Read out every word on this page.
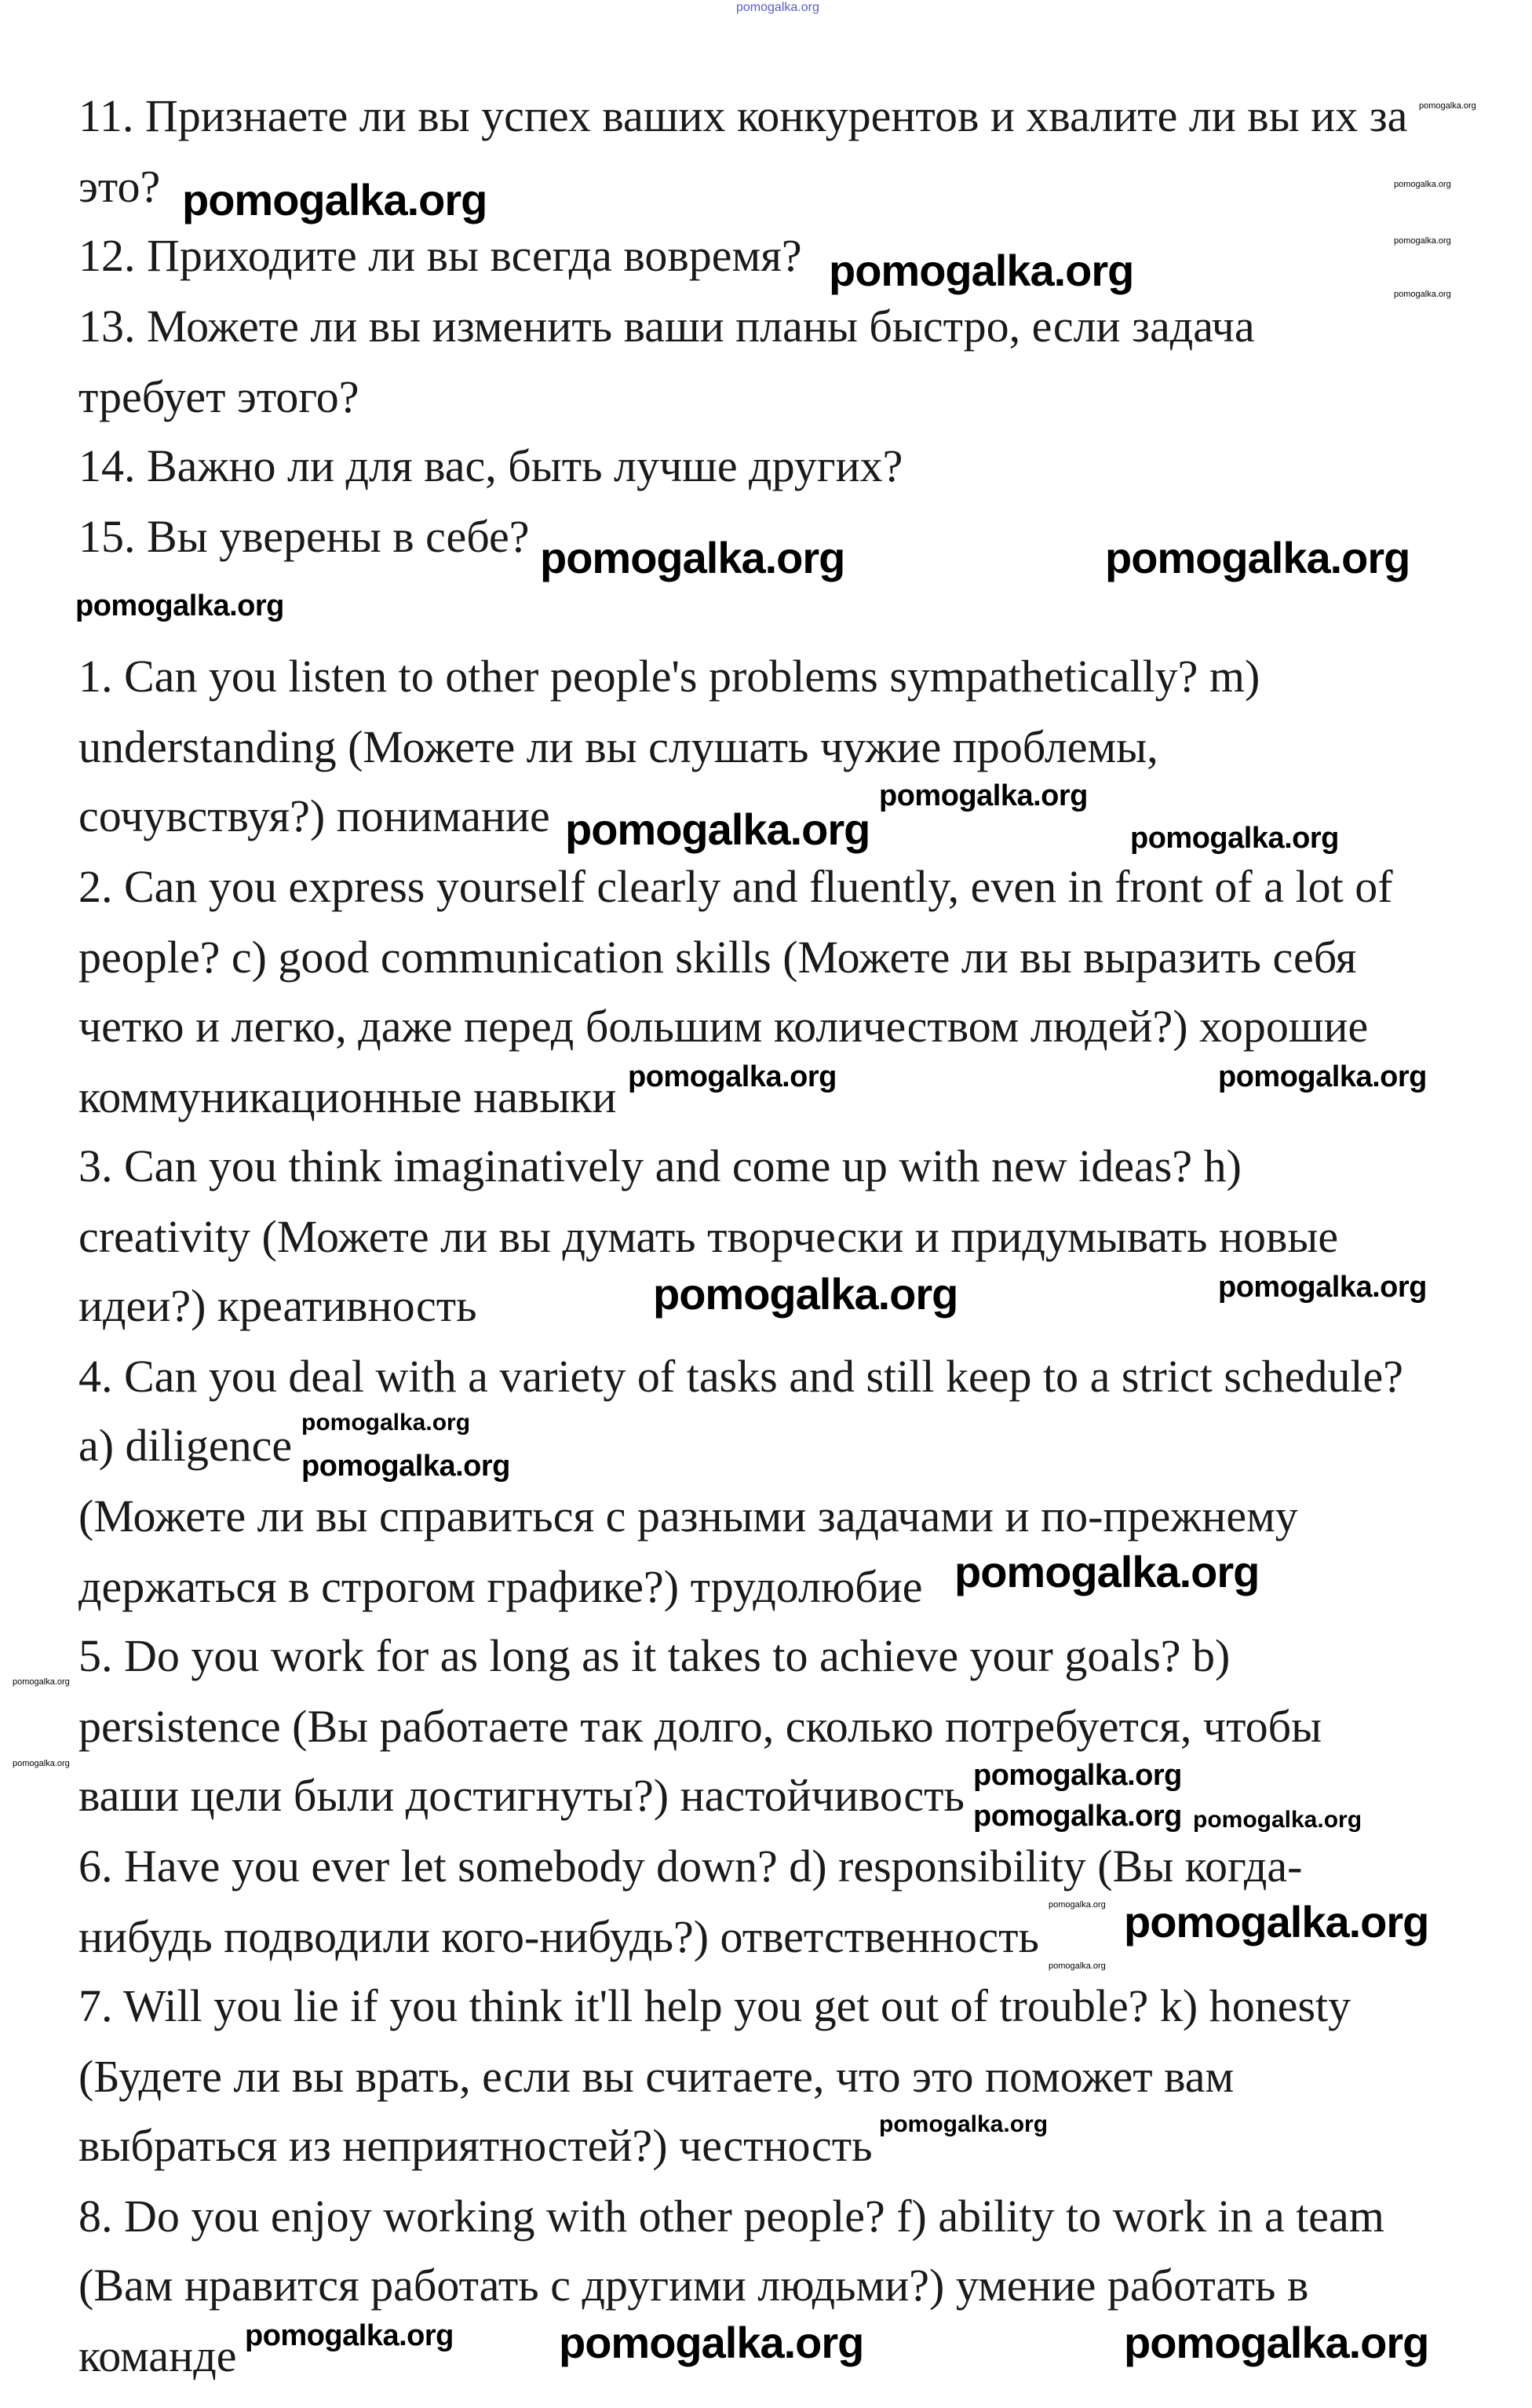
11. Признаете ли вы успех ваших конкурентов и хвалите ли вы их за
это?
12. Приходите ли вы всегда вовремя?
13. Можете ли вы изменить ваши планы быстро, если задача
требует этого?
14. Важно ли для вас, быть лучше других?
15. Вы уверены в себе?
1. Can you listen to other people's problems sympathetically? m)
understanding (Можете ли вы слушать чужие проблемы,
сочувствуя?) понимание
2. Can you express yourself clearly and fluently, even in front of a lot of
people? c) good communication skills (Можете ли вы выразить себя
четко и легко, даже перед большим количеством людей?) хорошие
коммуникационные навыки
3. Can you think imaginatively and come up with new ideas? h)
creativity (Можете ли вы думать творчески и придумывать новые
идеи?) креативность
4. Can you deal with a variety of tasks and still keep to a strict schedule?
a) diligence
(Можете ли вы справиться с разными задачами и по-прежнему
держаться в строгом графике?) трудолюбие
5. Do you work for as long as it takes to achieve your goals? b)
persistence (Вы работаете так долго, сколько потребуется, чтобы
ваши цели были достигнуты?) настойчивость
6. Have you ever let somebody down? d) responsibility (Вы когда-
нибудь подводили кого-нибудь?) ответственность
7. Will you lie if you think it'll help you get out of trouble? k) honesty
(Будете ли вы врать, если вы считаете, что это поможет вам
выбраться из неприятностей?) честность
8. Do you enjoy working with other people? f) ability to work in a team
(Вам нравится работать с другими людьми?) умение работать в
команде
pomogalka.org
pomogalka.org
pomogalka.org
pomogalka.org
pomogalka.org
pomogalka.org
pomogalka.org	pomogalka.org
pomogalka.org
pomogalka.org
pomogalka.org
pomogalka.org
pomogalka.org	pomogalka.org
pomogalka.org
pomogalka.org
pomogalka.org
pomogalka.org	pomogalka.org
pomogalka.org
pomogalka.org
pomogalka.org
pomogalka.org
pomogalka.org
pomogalka.org
pomogalka.org
pomogalka.org
pomogalka.org
pomogalka.org
pomogalka.org
pomogalka.org
pomogalka.org
